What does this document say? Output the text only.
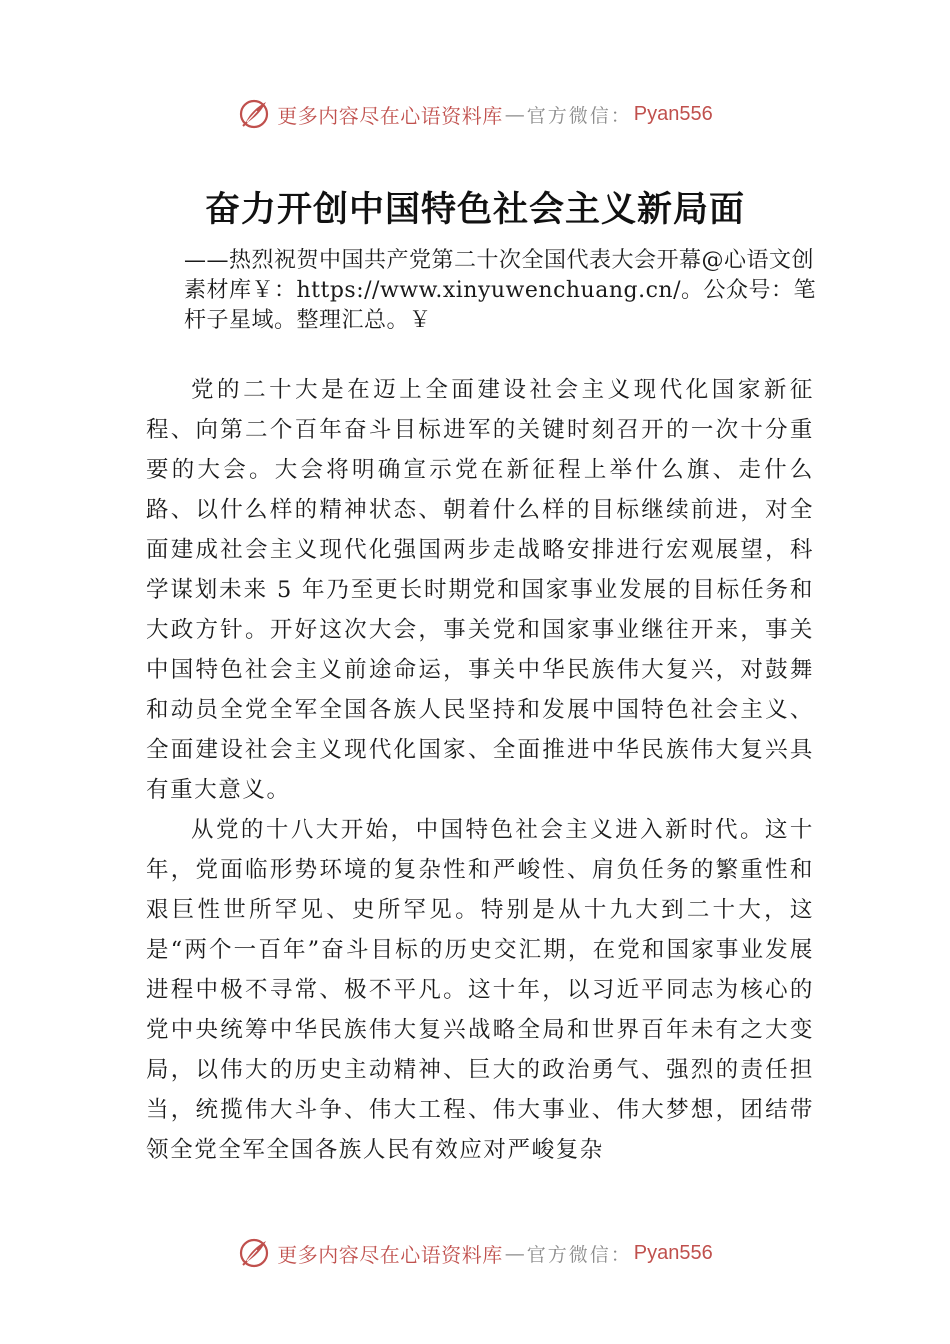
更多内容尽在心语资料库 — 官方微信： Pyan556
奋力开创中国特色社会主义新局面

——热烈祝贺中国共产党第二十次全国代表大会开幕@心语文创素材库￥：https://www.xinyuwenchuang.cn/。公众号：笔杆子星域。整理汇总。￥

党的二十大是在迈上全面建设社会主义现代化国家新征程、向第二个百年奋斗目标进军的关键时刻召开的一次十分重要的大会。大会将明确宣示党在新征程上举什么旗、走什么路、以什么样的精神状态、朝着什么样的目标继续前进，对全面建成社会主义现代化强国两步走战略安排进行宏观展望，科学谋划未来 5 年乃至更长时期党和国家事业发展的目标任务和大政方针。开好这次大会，事关党和国家事业继往开来，事关中国特色社会主义前途命运，事关中华民族伟大复兴，对鼓舞和动员全党全军全国各族人民坚持和发展中国特色社会主义、全面建设社会主义现代化国家、全面推进中华民族伟大复兴具有重大意义。

从党的十八大开始，中国特色社会主义进入新时代。这十年，党面临形势环境的复杂性和严峻性、肩负任务的繁重性和艰巨性世所罕见、史所罕见。特别是从十九大到二十大，这是“两个一百年”奋斗目标的历史交汇期，在党和国家事业发展进程中极不寻常、极不平凡。这十年，以习近平同志为核心的党中央统筹中华民族伟大复兴战略全局和世界百年未有之大变局，以伟大的历史主动精神、巨大的政治勇气、强烈的责任担当，统揽伟大斗争、伟大工程、伟大事业、伟大梦想，团结带领全党全军全国各族人民有效应对严峻复杂

更多内容尽在心语资料库 — 官方微信： Pyan556
